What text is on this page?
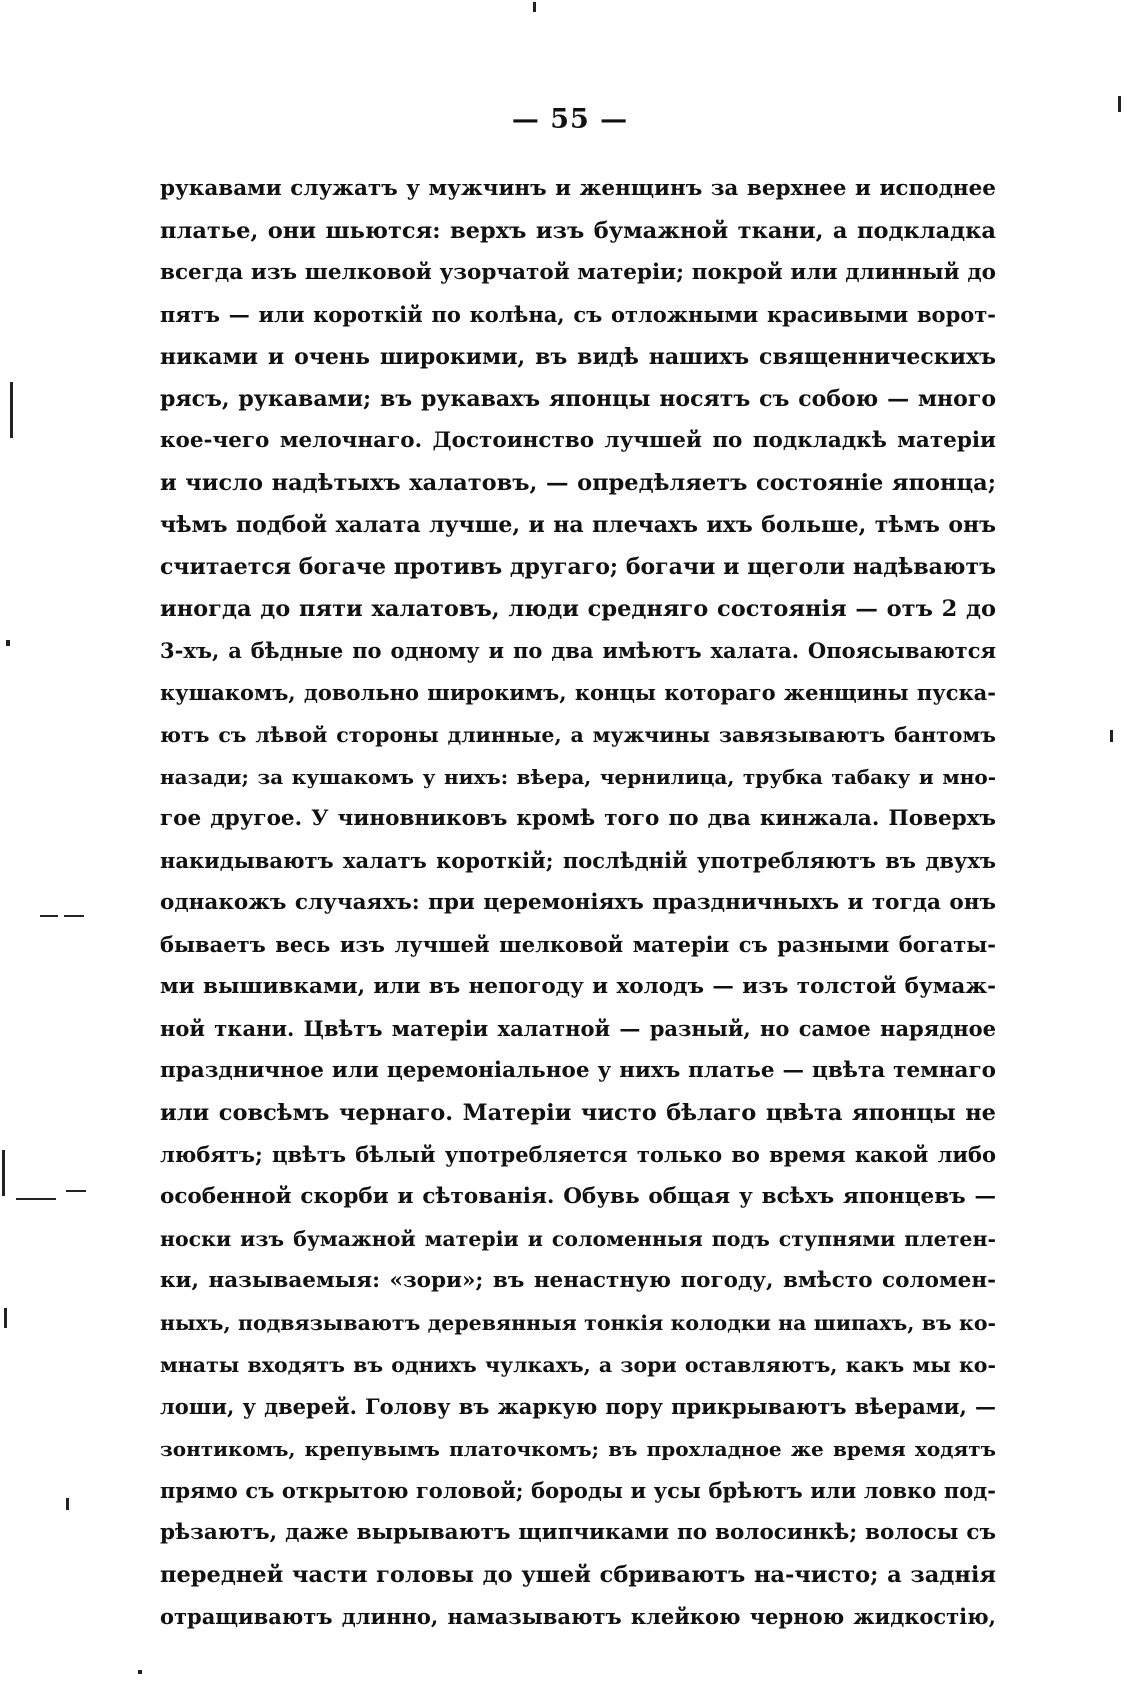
— 55 —
рукавами служатъ у мужчинъ и женщинъ за верхнее и исподнее
платье, они шьются: верхъ изъ бумажной ткани, а подкладка
всегда изъ шелковой узорчатой матеріи; покрой или длинный до
пятъ — или короткій по колѣна, съ отложными красивыми ворот-
никами и очень широкими, въ видѣ нашихъ священническихъ
рясъ, рукавами; въ рукавахъ японцы носятъ съ собою — много
кое-чего мелочнаго. Достоинство лучшей по подкладкѣ матеріи
и число надѣтыхъ халатовъ, — опредѣляетъ состояніе японца;
чѣмъ подбой халата лучше, и на плечахъ ихъ больше, тѣмъ онъ
считается богаче противъ другаго; богачи и щеголи надѣваютъ
иногда до пяти халатовъ, люди средняго состоянія — отъ 2 до
3-хъ, а бѣдные по одному и по два имѣютъ халата. Опоясываются
кушакомъ, довольно широкимъ, концы котораго женщины пуска-
ютъ съ лѣвой стороны длинные, а мужчины завязываютъ бантомъ
назади; за кушакомъ у нихъ: вѣера, чернилица, трубка табаку и мно-
гое другое. У чиновниковъ кромѣ того по два кинжала. Поверхъ
накидываютъ халатъ короткій; послѣдній употребляютъ въ двухъ
однакожъ случаяхъ: при церемоніяхъ праздничныхъ и тогда онъ
бываетъ весь изъ лучшей шелковой матеріи съ разными богаты-
ми вышивками, или въ непогоду и холодъ — изъ толстой бумаж-
ной ткани. Цвѣтъ матеріи халатной — разный, но самое нарядное
праздничное или церемоніальное у нихъ платье — цвѣта темнаго
или совсѣмъ чернаго. Матеріи чисто бѣлаго цвѣта японцы не
любятъ; цвѣтъ бѣлый употребляется только во время какой либо
особенной скорби и сѣтованія. Обувь общая у всѣхъ японцевъ —
носки изъ бумажной матеріи и соломенныя подъ ступнями плетен-
ки, называемыя: «зори»; въ ненастную погоду, вмѣсто соломен-
ныхъ, подвязываютъ деревянныя тонкія колодки на шипахъ, въ ко-
мнаты входятъ въ однихъ чулкахъ, а зори оставляютъ, какъ мы ко-
лоши, у дверей. Голову въ жаркую пору прикрываютъ вѣерами, —
зонтикомъ, крепувымъ платочкомъ; въ прохладное же время ходятъ
прямо съ открытою головой; бороды и усы брѣютъ или ловко под-
рѣзаютъ, даже вырываютъ щипчиками по волосинкѣ; волосы съ
передней части головы до ушей сбриваютъ на-чисто; а заднія
отращиваютъ длинно, намазываютъ клейкою черною жидкостію,
